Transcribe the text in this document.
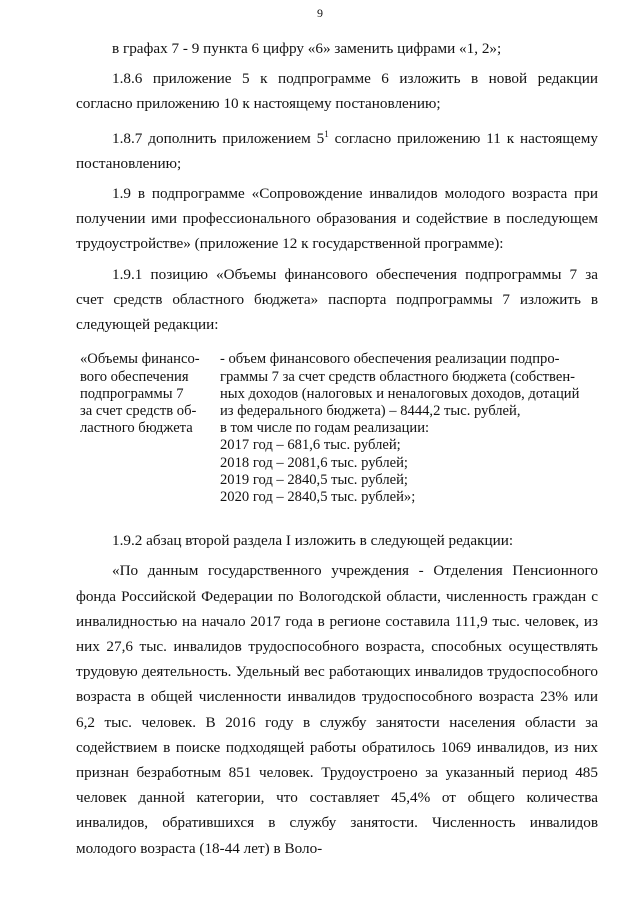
9

в графах 7 - 9 пункта 6 цифру «6» заменить цифрами «1, 2»;

1.8.6 приложение 5 к подпрограмме 6 изложить в новой редакции согласно приложению 10 к настоящему постановлению;

1.8.7 дополнить приложением $5^1$ согласно приложению 11 к настоящему постановлению;

1.9 в подпрограмме «Сопровождение инвалидов молодого возраста при получении ими профессионального образования и содействие в последующем трудоустройстве» (приложение 12 к государственной программе):

1.9.1 позицию «Объемы финансового обеспечения подпрограммы 7 за счет средств областного бюджета» паспорта подпрограммы 7 изложить в следующей редакции:

«Объемы финансо-
вого обеспечения
подпрограммы 7
за счет средств об-
ластного бюджета
- объем финансового обеспечения реализации подпро-
граммы 7 за счет средств областного бюджета (собствен-
ных доходов (налоговых и неналоговых доходов, дотаций
из федерального бюджета) – 8444,2 тыс. рублей,
в том числе по годам реализации:
2017 год – 681,6 тыс. рублей;
2018 год – 2081,6 тыс. рублей;
2019 год – 2840,5 тыс. рублей;
2020 год – 2840,5 тыс. рублей»;

1.9.2 абзац второй раздела I изложить в следующей редакции:

«По данным государственного учреждения - Отделения Пенсионного фонда Российской Федерации по Вологодской области, численность граждан с инвалидностью на начало 2017 года в регионе составила 111,9 тыс. человек, из них 27,6 тыс. инвалидов трудоспособного возраста, способных осуществлять трудовую деятельность. Удельный вес работающих инвалидов трудоспособного возраста в общей численности инвалидов трудоспособного возраста 23% или 6,2 тыс. человек. В 2016 году в службу занятости населения области за содействием в поиске подходящей работы обратилось 1069 инвалидов, из них признан безработным 851 человек. Трудоустроено за указанный период 485 человек данной категории, что составляет 45,4% от общего количества инвалидов, обратившихся в службу занятости. Численность инвалидов молодого возраста (18-44 лет) в Воло-
